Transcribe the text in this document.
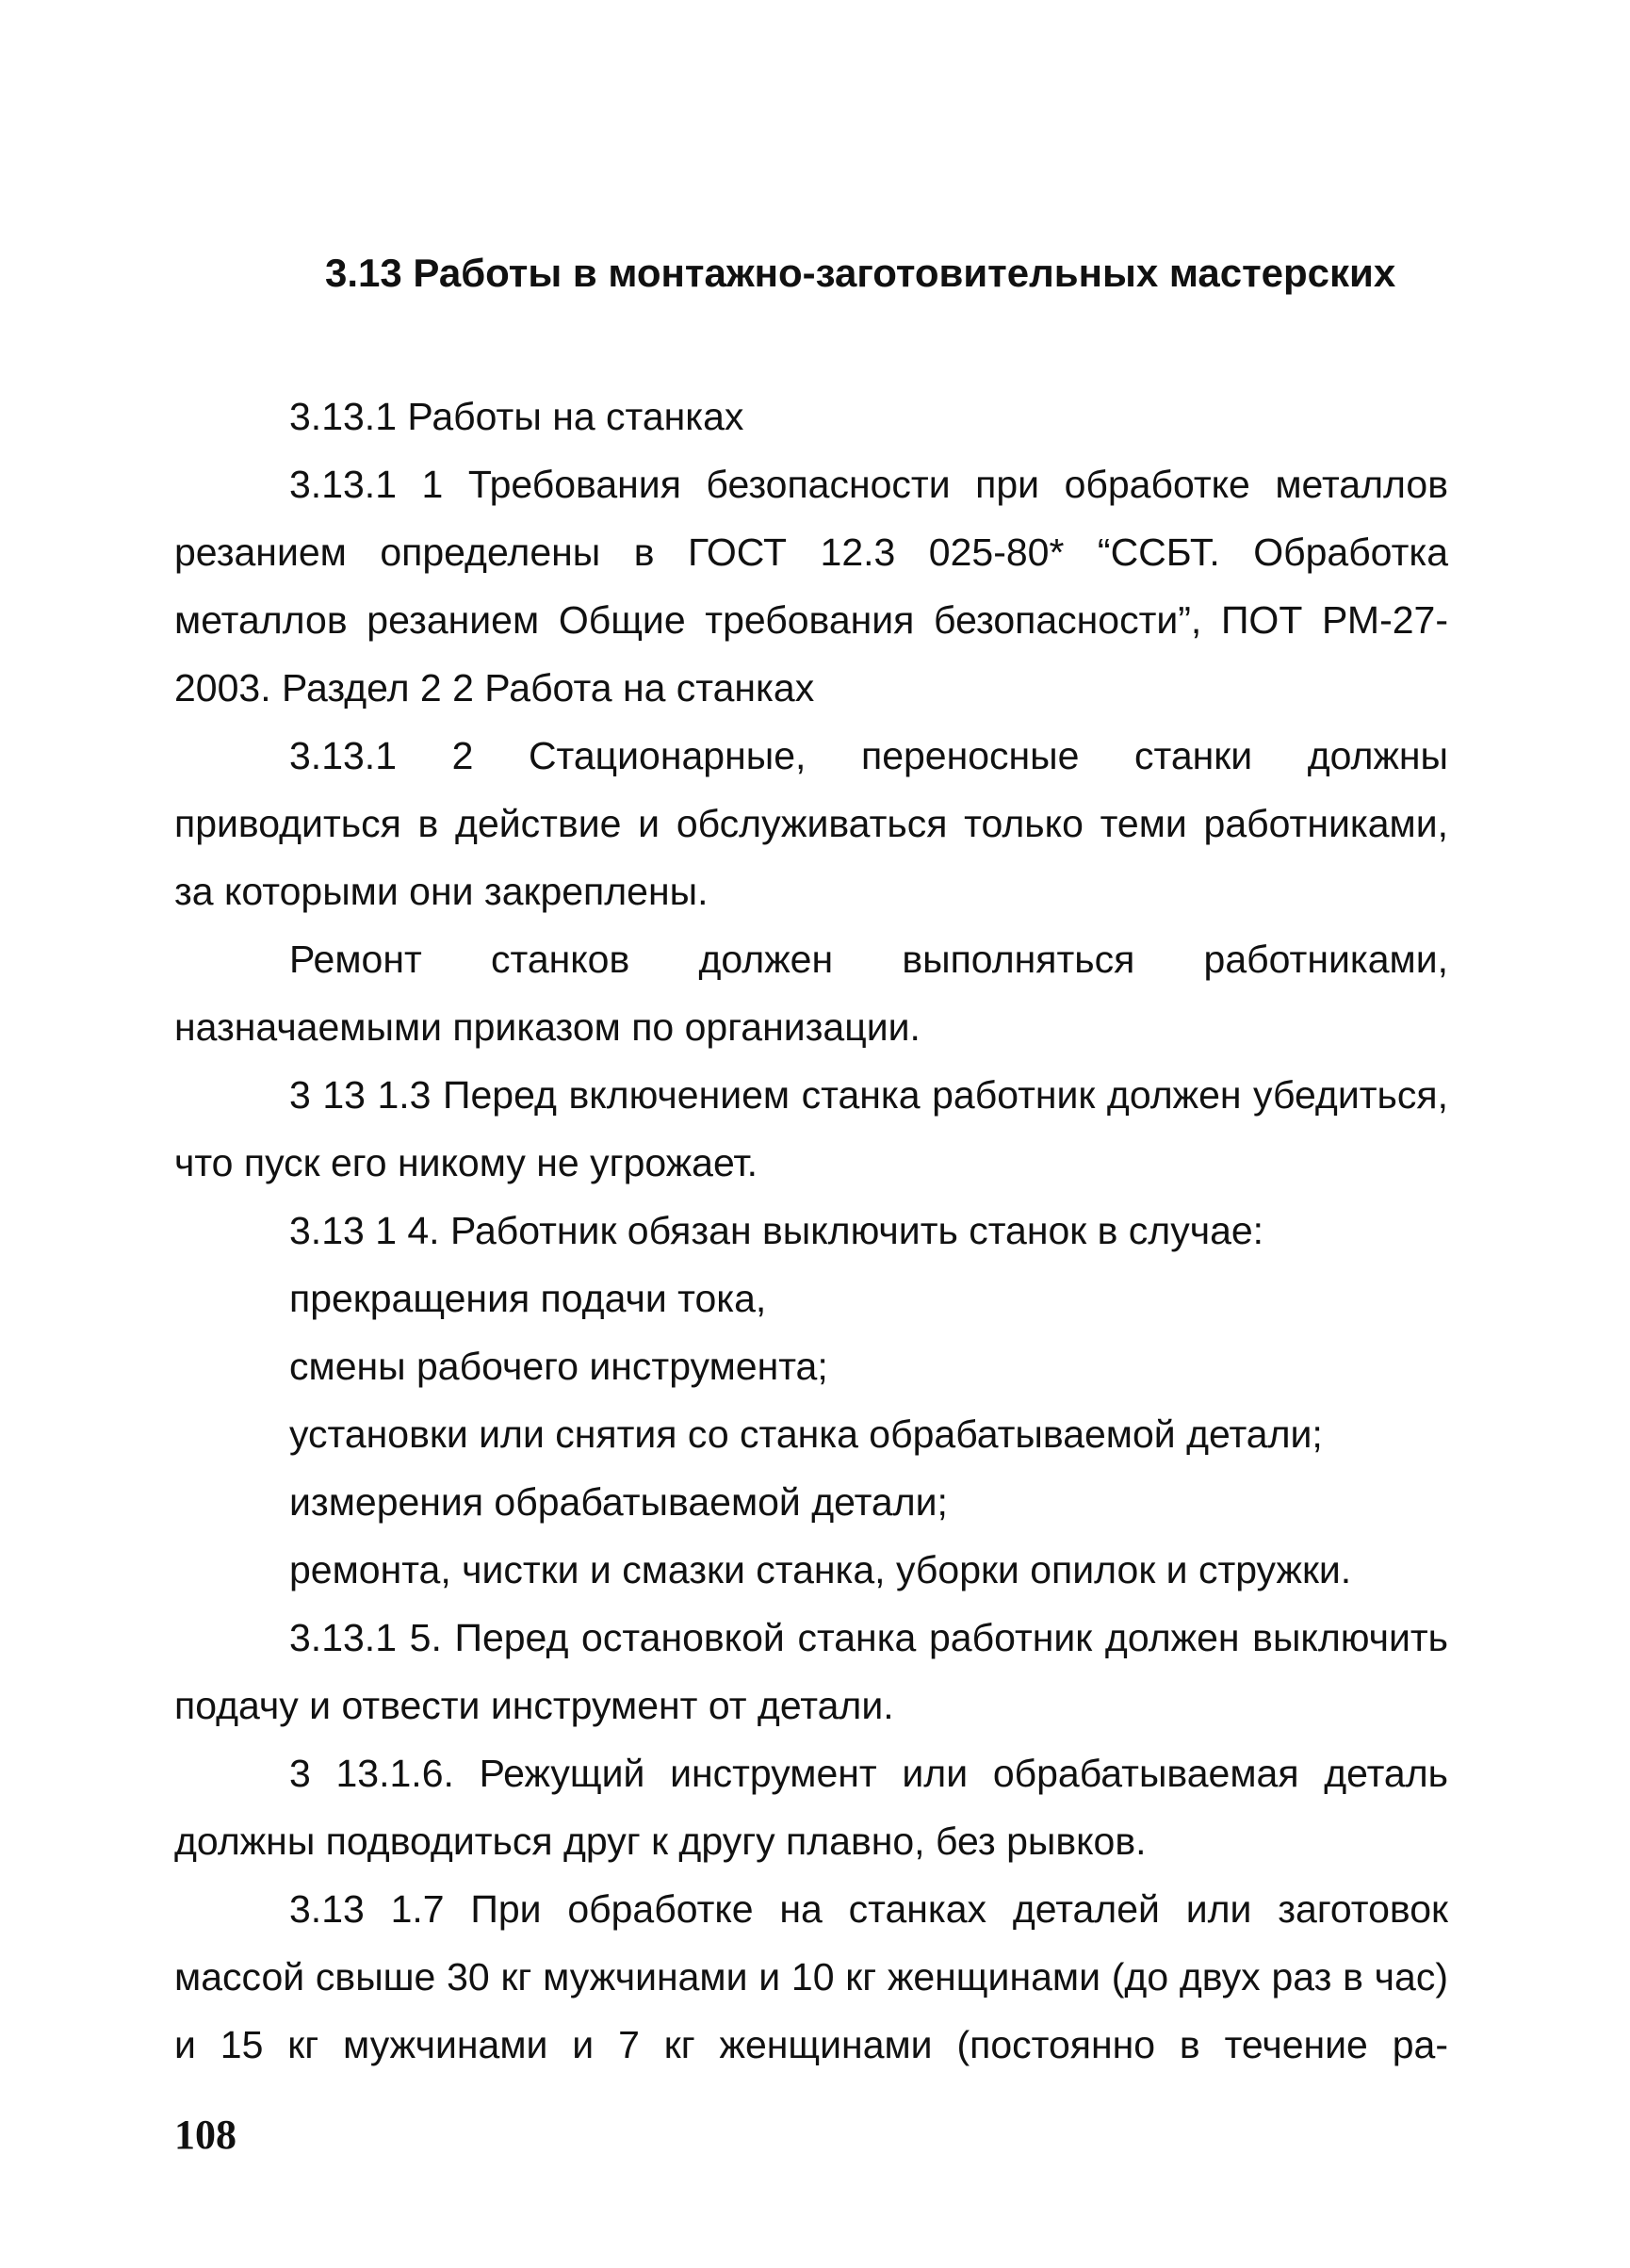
3.13 Работы в монтажно-заготовительных мастерских

3.13.1 Работы на станках

3.13.1 1 Требования безопасности при обработке металлов резанием определены в ГОСТ 12.3 025-80* “ССБТ. Обработка металлов резанием Общие требования безопасности”, ПОТ РМ-27-2003. Раздел 2 2 Работа на станках

3.13.1 2 Стационарные, переносные станки должны приводиться в действие и обслуживаться только теми работниками, за которыми они закреплены.

Ремонт станков должен выполняться работниками, назначаемыми приказом по организации.

3 13 1.3 Перед включением станка работник должен убедиться, что пуск его никому не угрожает.

3.13 1 4. Работник обязан выключить станок в случае:

прекращения подачи тока,

смены рабочего инструмента;

установки или снятия со станка обрабатываемой детали;

измерения обрабатываемой детали;

ремонта, чистки и смазки станка, уборки опилок и стружки.

3.13.1 5. Перед остановкой станка работник должен выключить подачу и отвести инструмент от детали.

3 13.1.6. Режущий инструмент или обрабатываемая деталь должны подводиться друг к другу плавно, без рывков.

3.13 1.7 При обработке на станках деталей или заготовок массой свыше 30 кг мужчинами и 10 кг женщинами (до двух раз в час) и 15 кг мужчинами и 7 кг женщинами (постоянно в течение ра-

108
